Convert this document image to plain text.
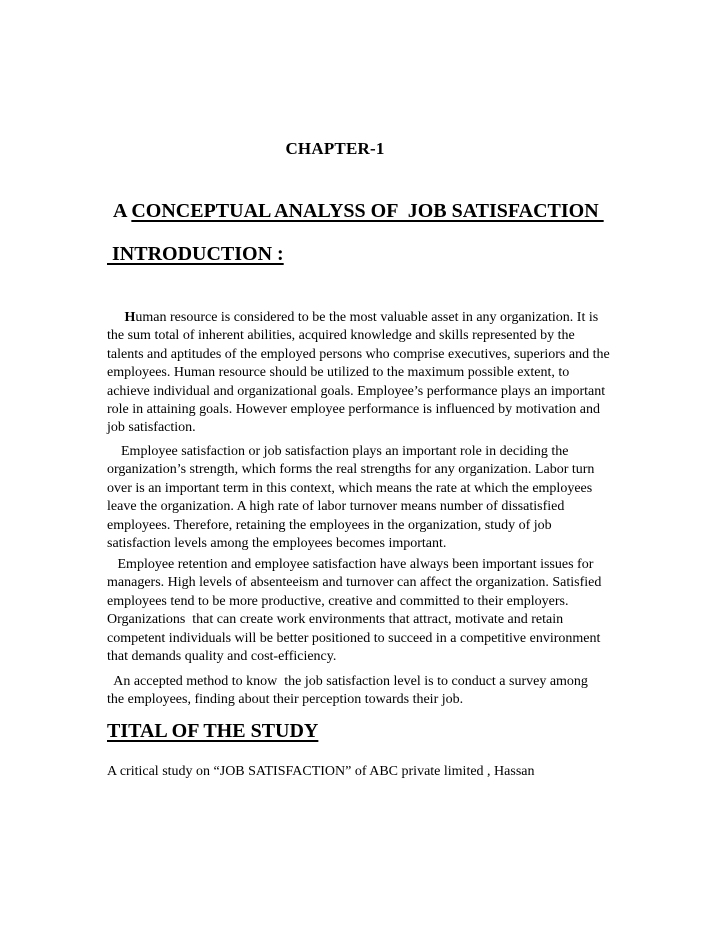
CHAPTER-1
A CONCEPTUAL ANALYSS OF  JOB SATISFACTION
INTRODUCTION :
Human resource is considered to be the most valuable asset in any organization. It is
the sum total of inherent abilities, acquired knowledge and skills represented by the
talents and aptitudes of the employed persons who comprise executives, superiors and the
employees. Human resource should be utilized to the maximum possible extent, to
achieve individual and organizational goals. Employee’s performance plays an important
role in attaining goals. However employee performance is influenced by motivation and
job satisfaction.
Employee satisfaction or job satisfaction plays an important role in deciding the
organization’s strength, which forms the real strengths for any organization. Labor turn
over is an important term in this context, which means the rate at which the employees
leave the organization. A high rate of labor turnover means number of dissatisfied
employees. Therefore, retaining the employees in the organization, study of job
satisfaction levels among the employees becomes important.
Employee retention and employee satisfaction have always been important issues for
managers. High levels of absenteeism and turnover can affect the organization. Satisfied
employees tend to be more productive, creative and committed to their employers.
Organizations  that can create work environments that attract, motivate and retain
competent individuals will be better positioned to succeed in a competitive environment
that demands quality and cost-efficiency.
An accepted method to know  the job satisfaction level is to conduct a survey among
the employees, finding about their perception towards their job.
TITAL OF THE STUDY
A critical study on “JOB SATISFACTION” of ABC private limited , Hassan
